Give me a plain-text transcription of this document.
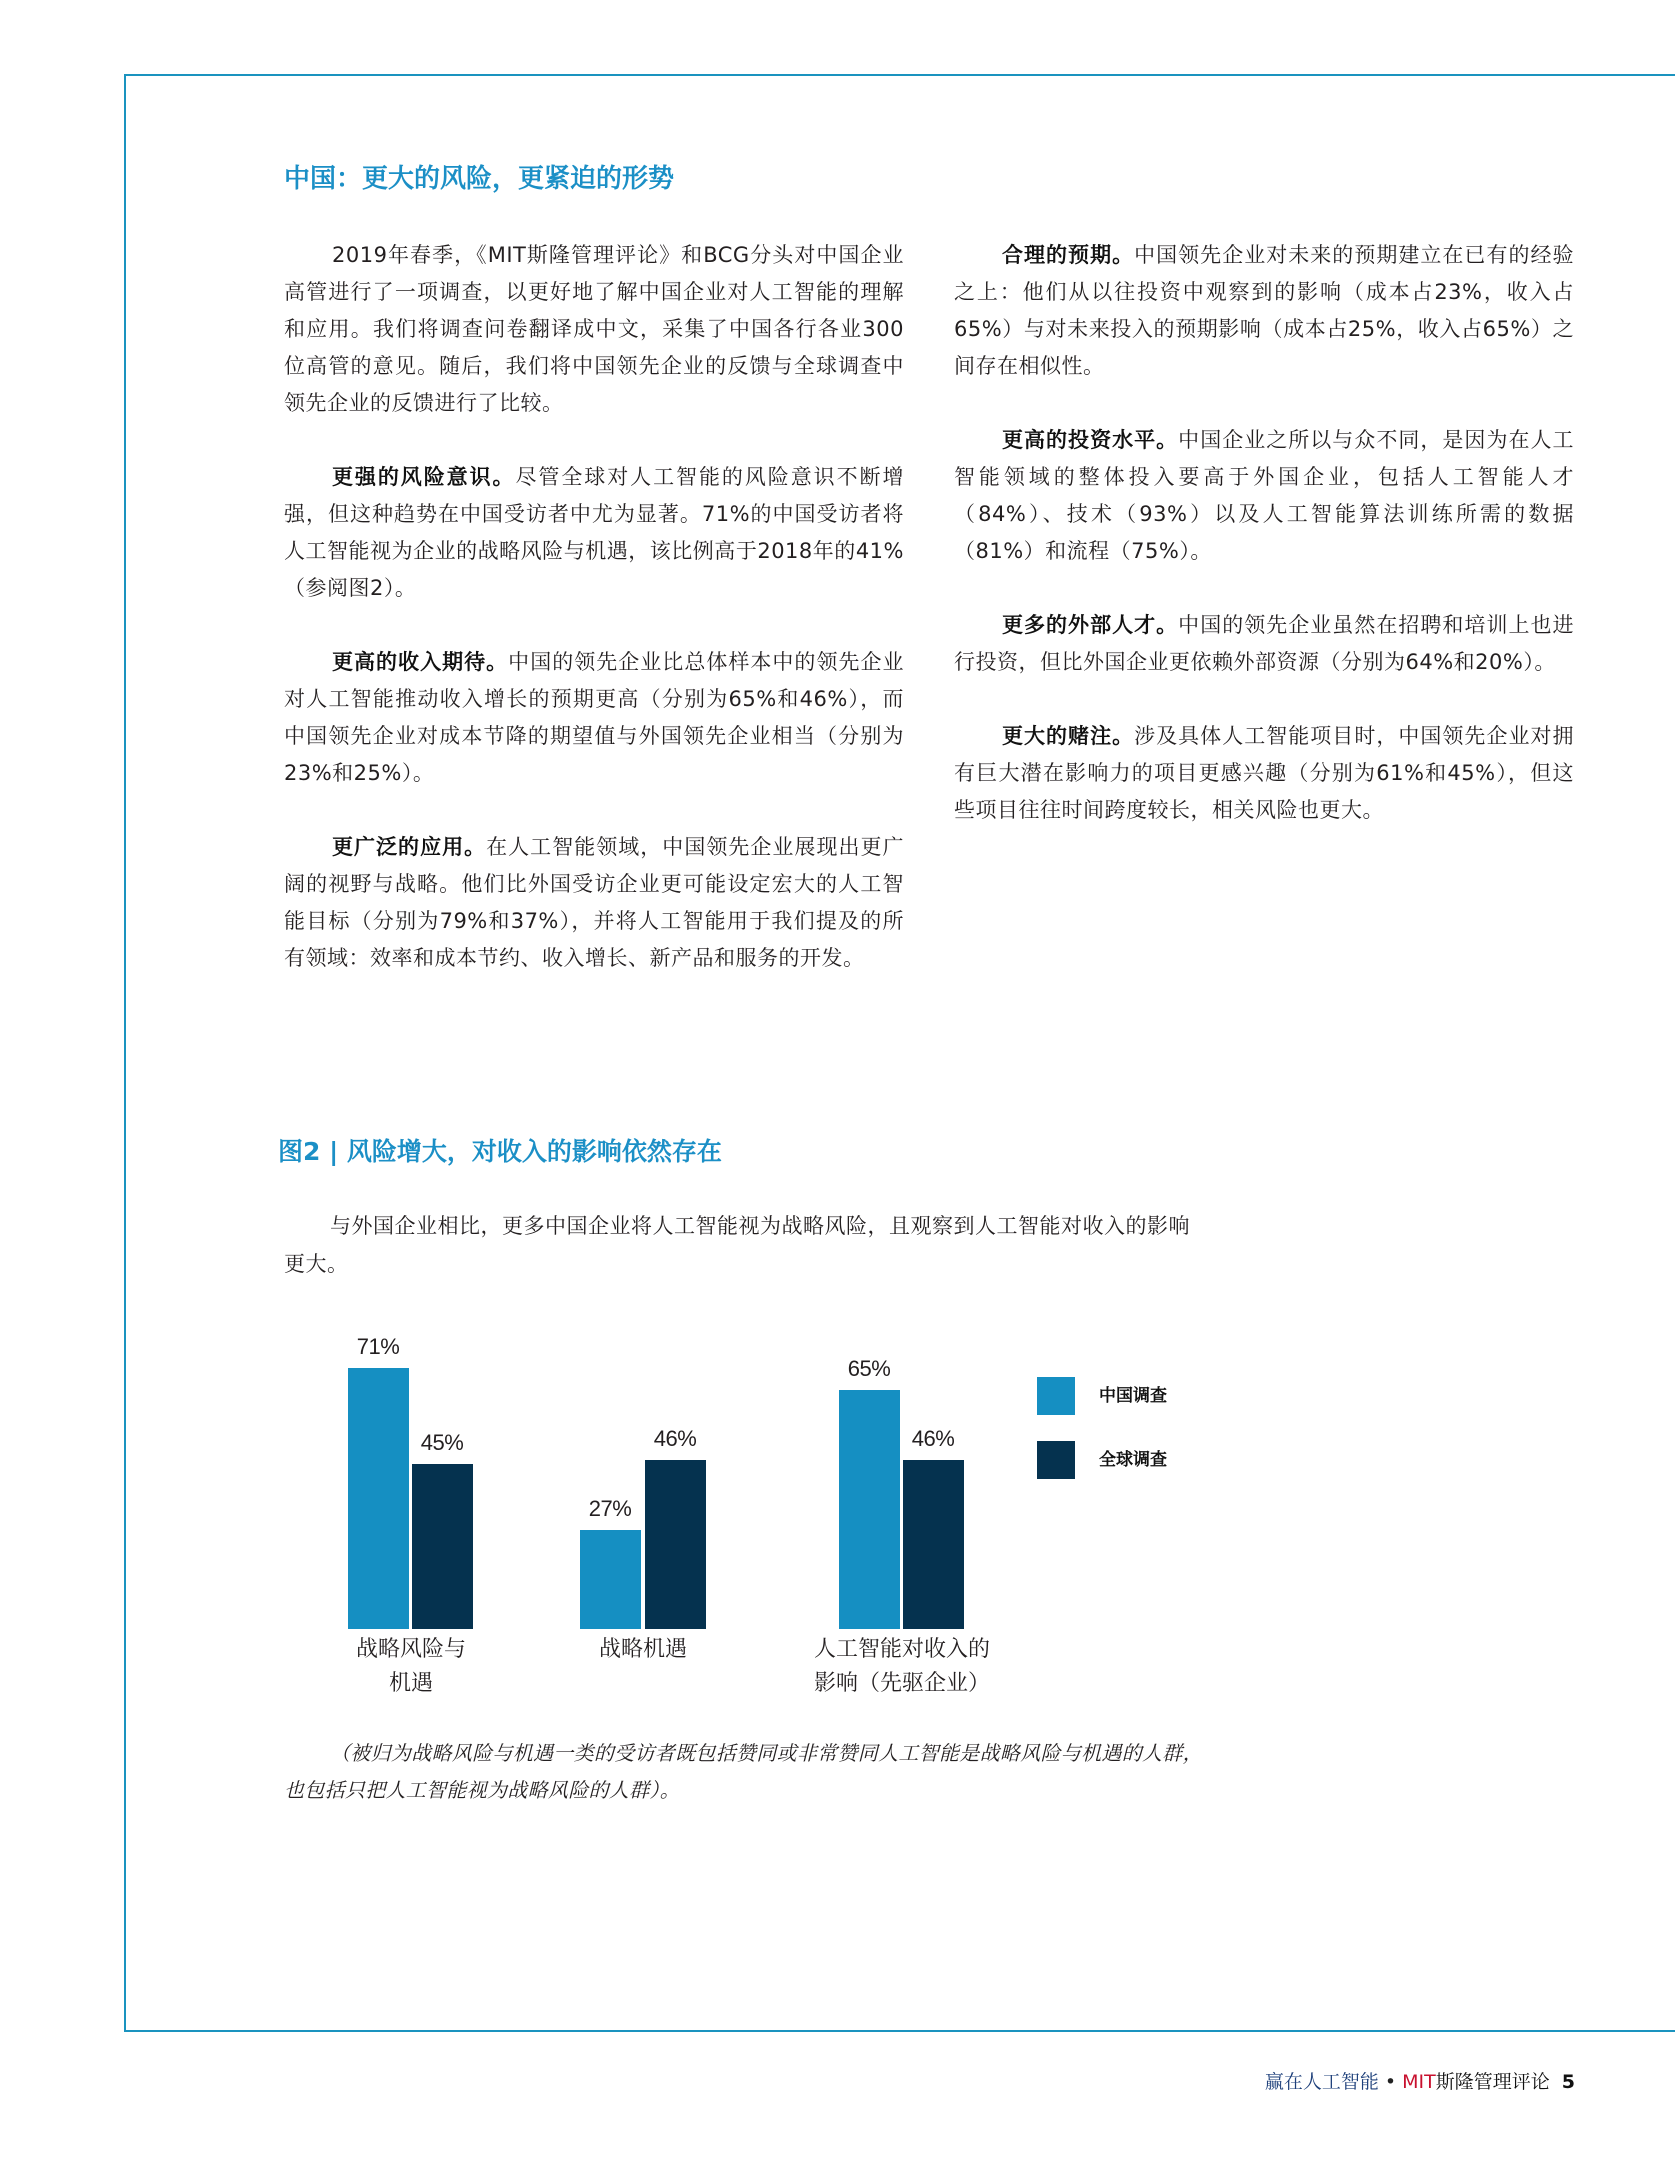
中国：更大的风险，更紧迫的形势

2019年春季，《MIT斯隆管理评论》和BCG分头对中国企业高管进行了一项调查，以更好地了解中国企业对人工智能的理解和应用。我们将调查问卷翻译成中文，采集了中国各行各业300位高管的意见。随后，我们将中国领先企业的反馈与全球调查中领先企业的反馈进行了比较。

更强的风险意识。尽管全球对人工智能的风险意识不断增强，但这种趋势在中国受访者中尤为显著。71%的中国受访者将人工智能视为企业的战略风险与机遇，该比例高于2018年的41%（参阅图2）。

更高的收入期待。中国的领先企业比总体样本中的领先企业对人工智能推动收入增长的预期更高（分别为65%和46%），而中国领先企业对成本节降的期望值与外国领先企业相当（分别为23%和25%）。

更广泛的应用。在人工智能领域，中国领先企业展现出更广阔的视野与战略。他们比外国受访企业更可能设定宏大的人工智能目标（分别为79%和37%），并将人工智能用于我们提及的所有领域：效率和成本节约、收入增长、新产品和服务的开发。

合理的预期。中国领先企业对未来的预期建立在已有的经验之上：他们从以往投资中观察到的影响（成本占23%，收入占65%）与对未来投入的预期影响（成本占25%，收入占65%）之间存在相似性。

更高的投资水平。中国企业之所以与众不同，是因为在人工智能领域的整体投入要高于外国企业，包括人工智能人才（84%）、技术（93%）以及人工智能算法训练所需的数据（81%）和流程（75%）。

更多的外部人才。中国的领先企业虽然在招聘和培训上也进行投资，但比外国企业更依赖外部资源（分别为64%和20%）。

更大的赌注。涉及具体人工智能项目时，中国领先企业对拥有巨大潜在影响力的项目更感兴趣（分别为61%和45%），但这些项目往往时间跨度较长，相关风险也更大。

图2 | 风险增大，对收入的影响依然存在

与外国企业相比，更多中国企业将人工智能视为战略风险，且观察到人工智能对收入的影响更大。

71%
45%
27%
46%
65%
46%
战略风险与
机遇
战略机遇	人工智能对收入的
影响（先驱企业）
中国调查
全球调查

（被归为战略风险与机遇一类的受访者既包括赞同或非常赞同人工智能是战略风险与机遇的人群，也包括只把人工智能视为战略风险的人群）。

赢在人工智能 • MIT斯隆管理评论 5
